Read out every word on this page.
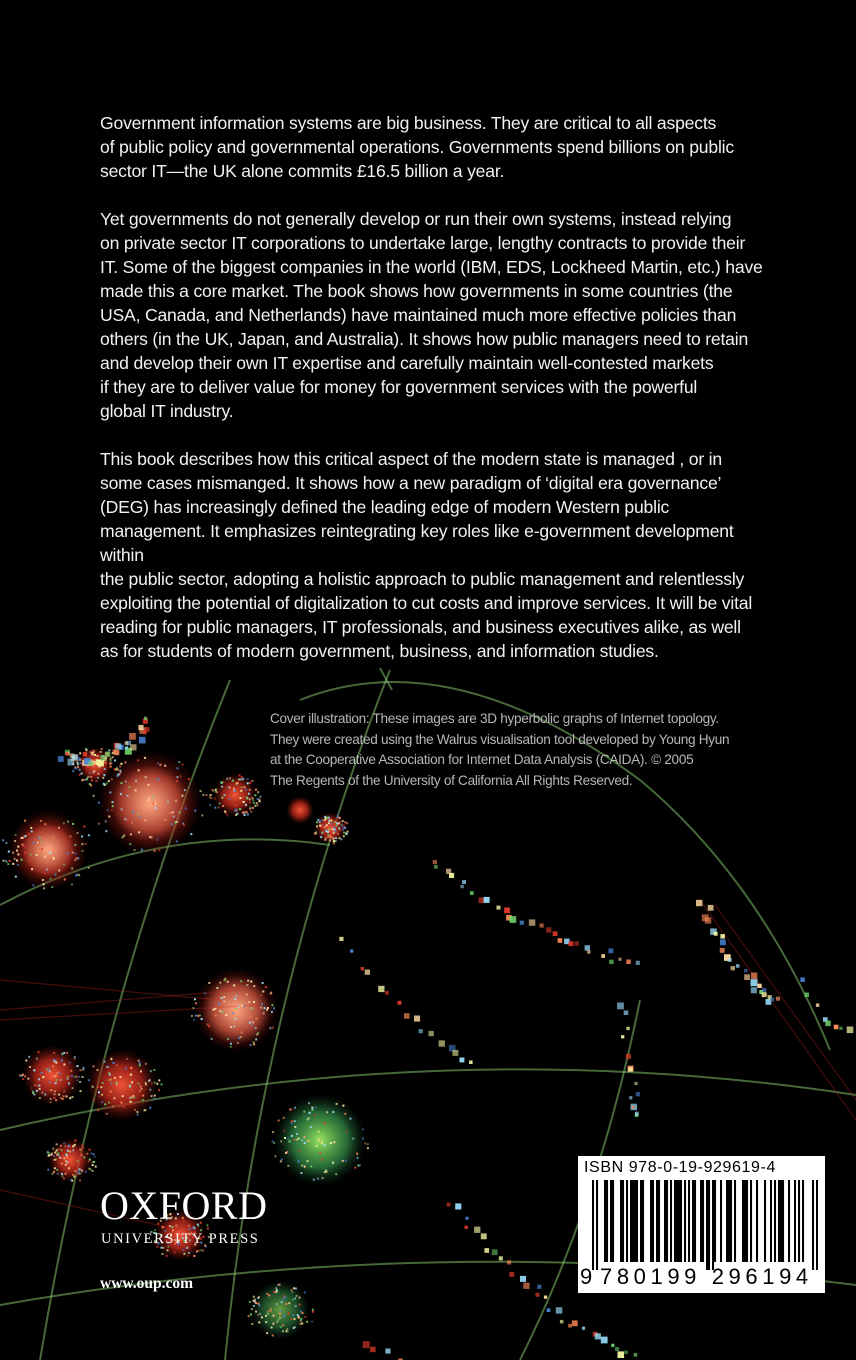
Government information systems are big business. They are critical to all aspects
of public policy and governmental operations. Governments spend billions on public
sector IT—the UK alone commits £16.5 billion a year.

Yet governments do not generally develop or run their own systems, instead relying
on private sector IT corporations to undertake large, lengthy contracts to provide their
IT. Some of the biggest companies in the world (IBM, EDS, Lockheed Martin, etc.) have
made this a core market. The book shows how governments in some countries (the
USA, Canada, and Netherlands) have maintained much more effective policies than
others (in the UK, Japan, and Australia). It shows how public managers need to retain
and develop their own IT expertise and carefully maintain well-contested markets
if they are to deliver value for money for government services with the powerful
global IT industry.

This book describes how this critical aspect of the modern state is managed , or in
some cases mismanged. It shows how a new paradigm of ‘digital era governance’
(DEG) has increasingly defined the leading edge of modern Western public
management. It emphasizes reintegrating key roles like e-government development
within
the public sector, adopting a holistic approach to public management and relentlessly
exploiting the potential of digitalization to cut costs and improve services. It will be vital
reading for public managers, IT professionals, and business executives alike, as well
as for students of modern government, business, and information studies.

Cover illustration: These images are 3D hyperbolic graphs of Internet topology.
They were created using the Walrus visualisation tool developed by Young Hyun
at the Cooperative Association for Internet Data Analysis (CAIDA). © 2005
The Regents of the University of California All Rights Reserved.

OXFORD

UNIVERSITY PRESS

www.oup.com

ISBN 978-0-19-929619-4

9 780199 296194
